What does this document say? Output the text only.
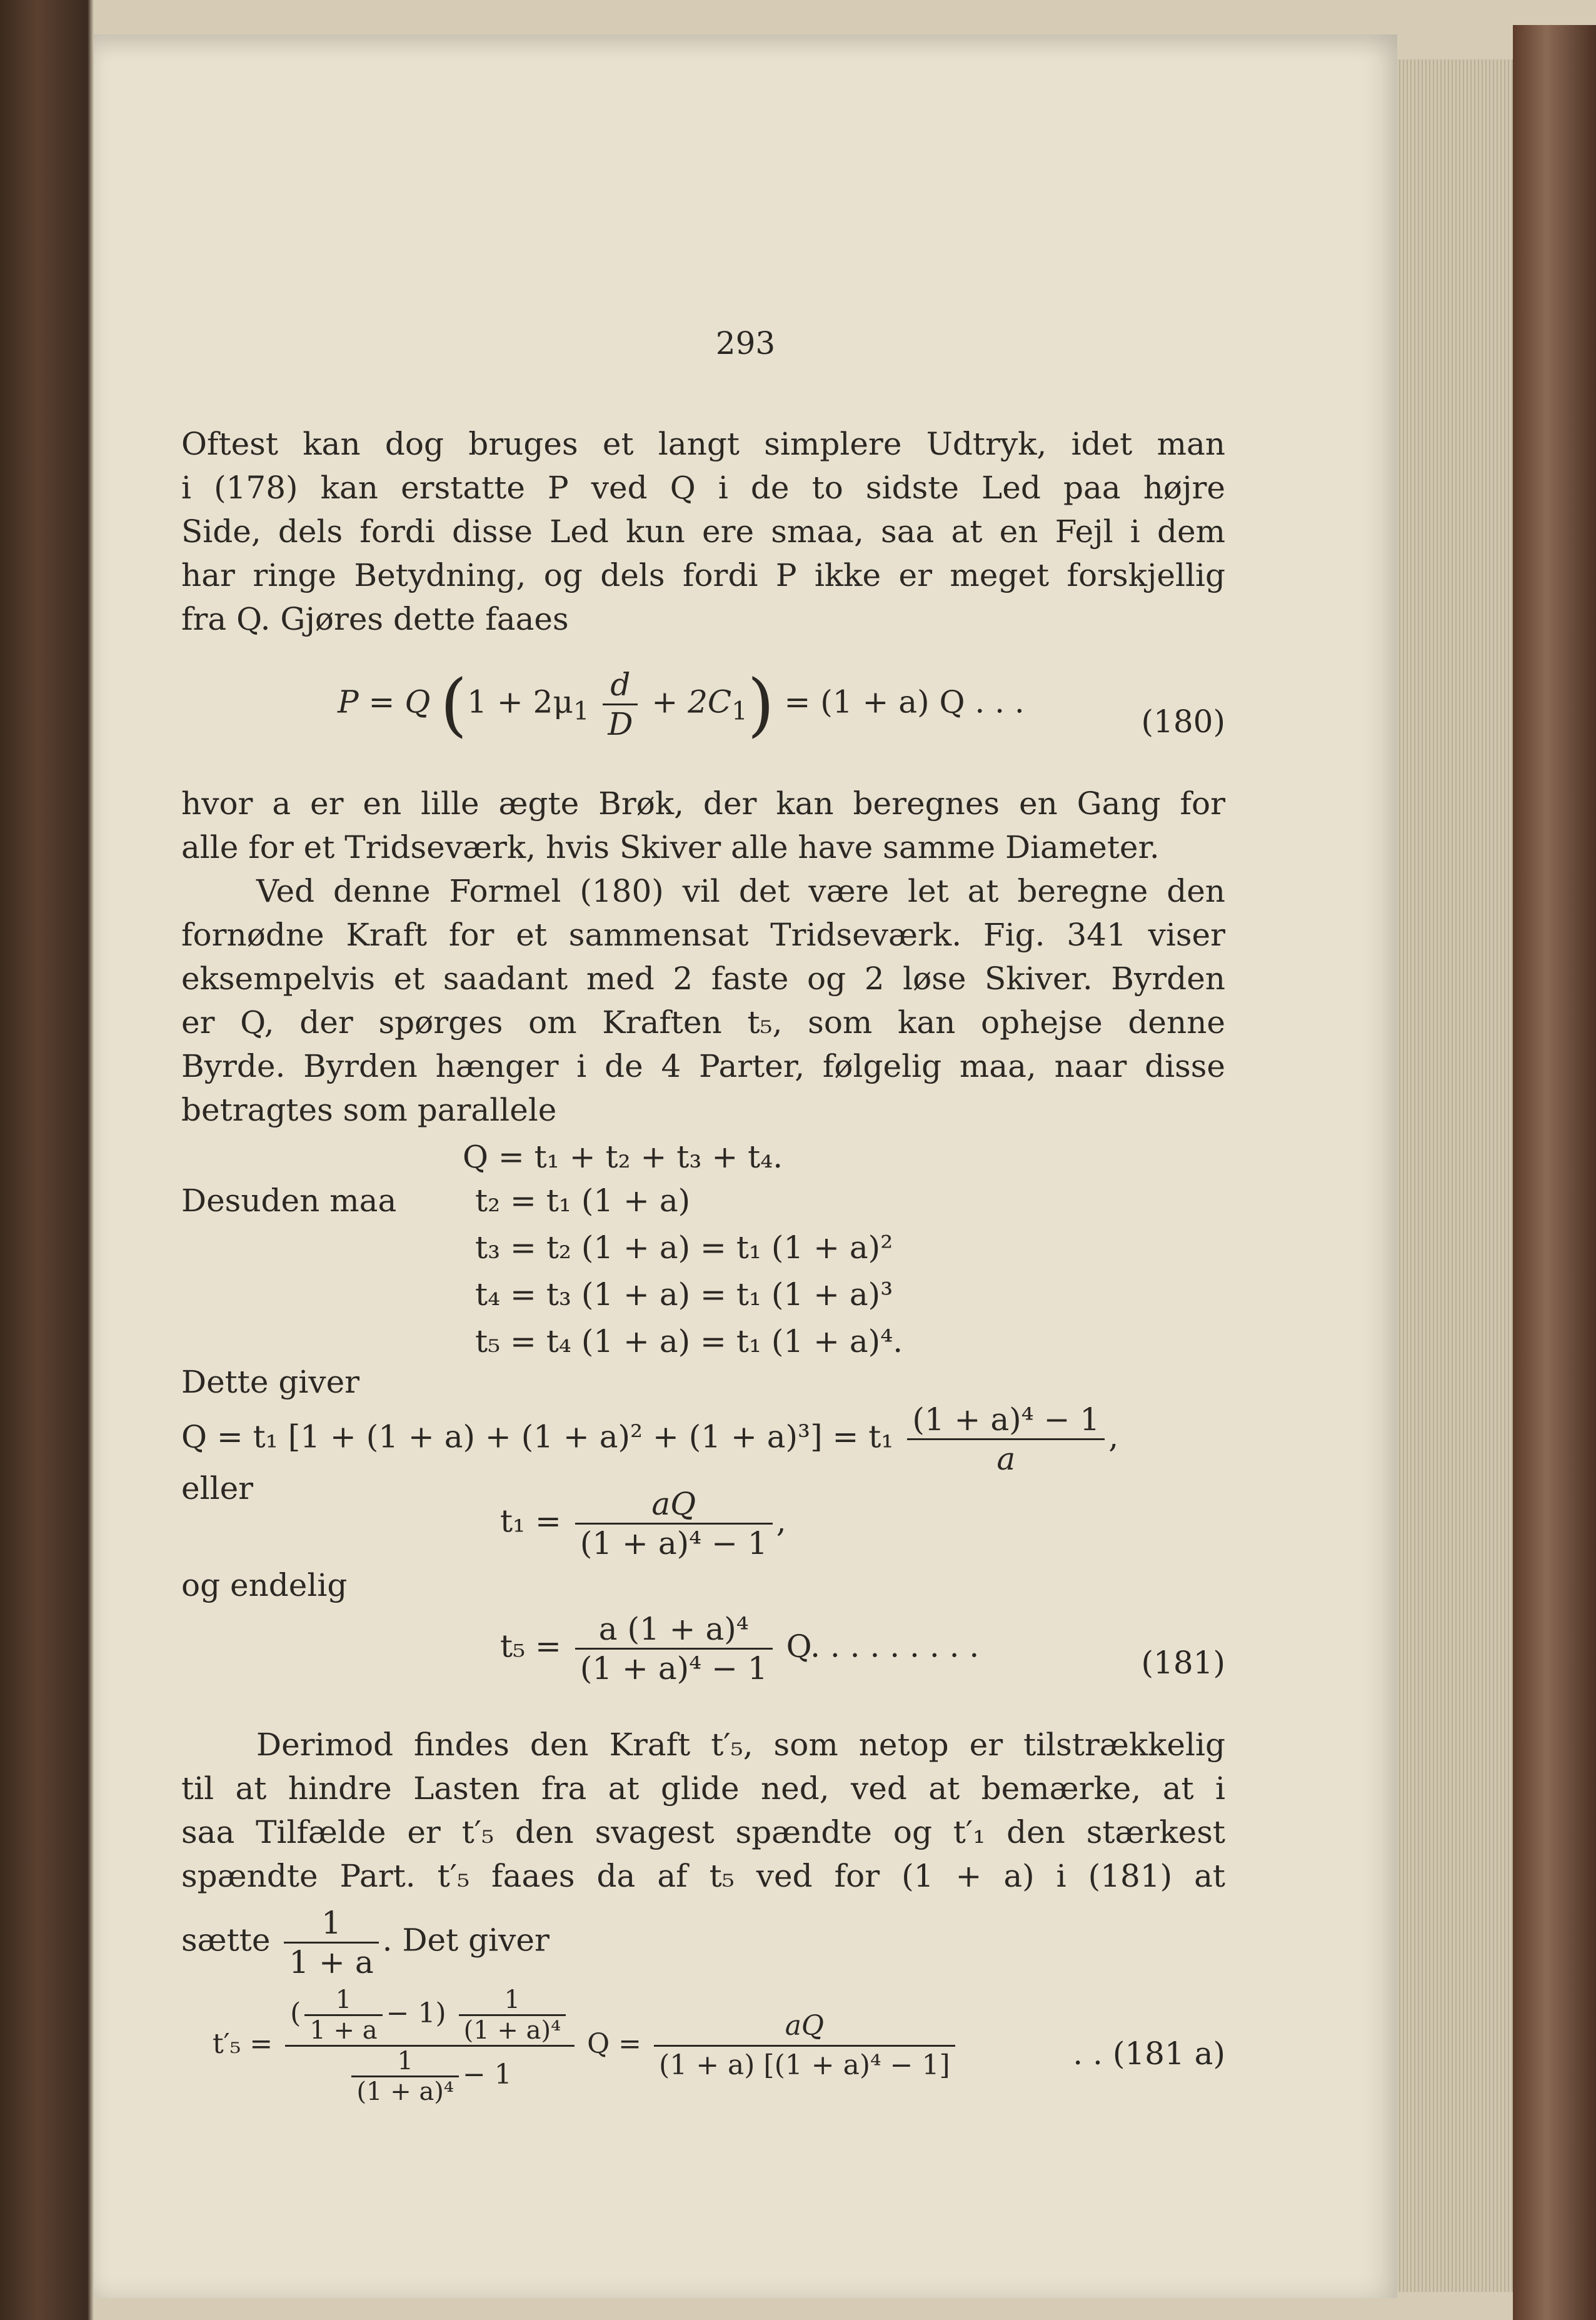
293
Oftest kan dog bruges et langt simplere Udtryk, idet man
i (178) kan erstatte P ved Q i de to sidste Led paa højre
Side, dels fordi disse Led kun ere smaa, saa at en Fejl i dem
har ringe Betydning, og dels fordi P ikke er meget forskjellig
fra Q. Gjøres dette faaes
P = Q $(1 + 2\mu_1 \frac{d}{D} + 2C_1) = (1 + a)$ Q . . .
(180)
hvor a er en lille ægte Brøk, der kan beregnes en Gang for
alle for et Tridseværk, hvis Skiver alle have samme Diameter.
Ved denne Formel (180) vil det være let at beregne den
fornødne Kraft for et sammensat Tridseværk. Fig. 341 viser
eksempelvis et saadant med 2 faste og 2 løse Skiver. Byrden
er Q, der spørges om Kraften t₅, som kan ophejse denne
Byrde. Byrden hænger i de 4 Parter, følgelig maa, naar disse
betragtes som parallele
Q = t₁ + t₂ + t₃ + t₄.
Desuden maa	t₂ = t₁ (1 + a)
t₃ = t₂ (1 + a) = t₁ (1 + a)²
t₄ = t₃ (1 + a) = t₁ (1 + a)³
t₅ = t₄ (1 + a) = t₁ (1 + a)⁴.
Dette giver
Q = t₁ $[1 + (1 + a) + (1 + a)^2 + (1 + a)^3] = t_1 \frac{\text{(1 + a)⁴ − 1}}{a}$ ,
eller
$t_1 = \frac{aQ}{\text{(1 + a)⁴ − 1}}$ ,
og endelig
$t_5 = \frac{\text{a (1 + a)⁴}}{\text{(1 + a)⁴ − 1}} Q$. . . . . . . . .	(181)
Derimod findes den Kraft t′₅, som netop er tilstrækkelig
til at hindre Lasten fra at glide ned, ved at bemærke, at i
saa Tilfælde er t′₅ den svagest spændte og t′₁ den stærkest
spændte Part. t′₅ faaes da af t₅ ved for (1 + a) i (181) at
sætte $\frac{1}{1 + a}$ . Det giver
$t'_5 = \frac{( \frac{1}{1 + a} - 1) \frac{1}{\text{(1 + a)⁴}}}{\frac{1}{\text{(1 + a)⁴}} - 1}$ $Q = \frac{aQ}{\text{(1 + a) [(1 + a)⁴ − 1]}}$	. . (181 a)
